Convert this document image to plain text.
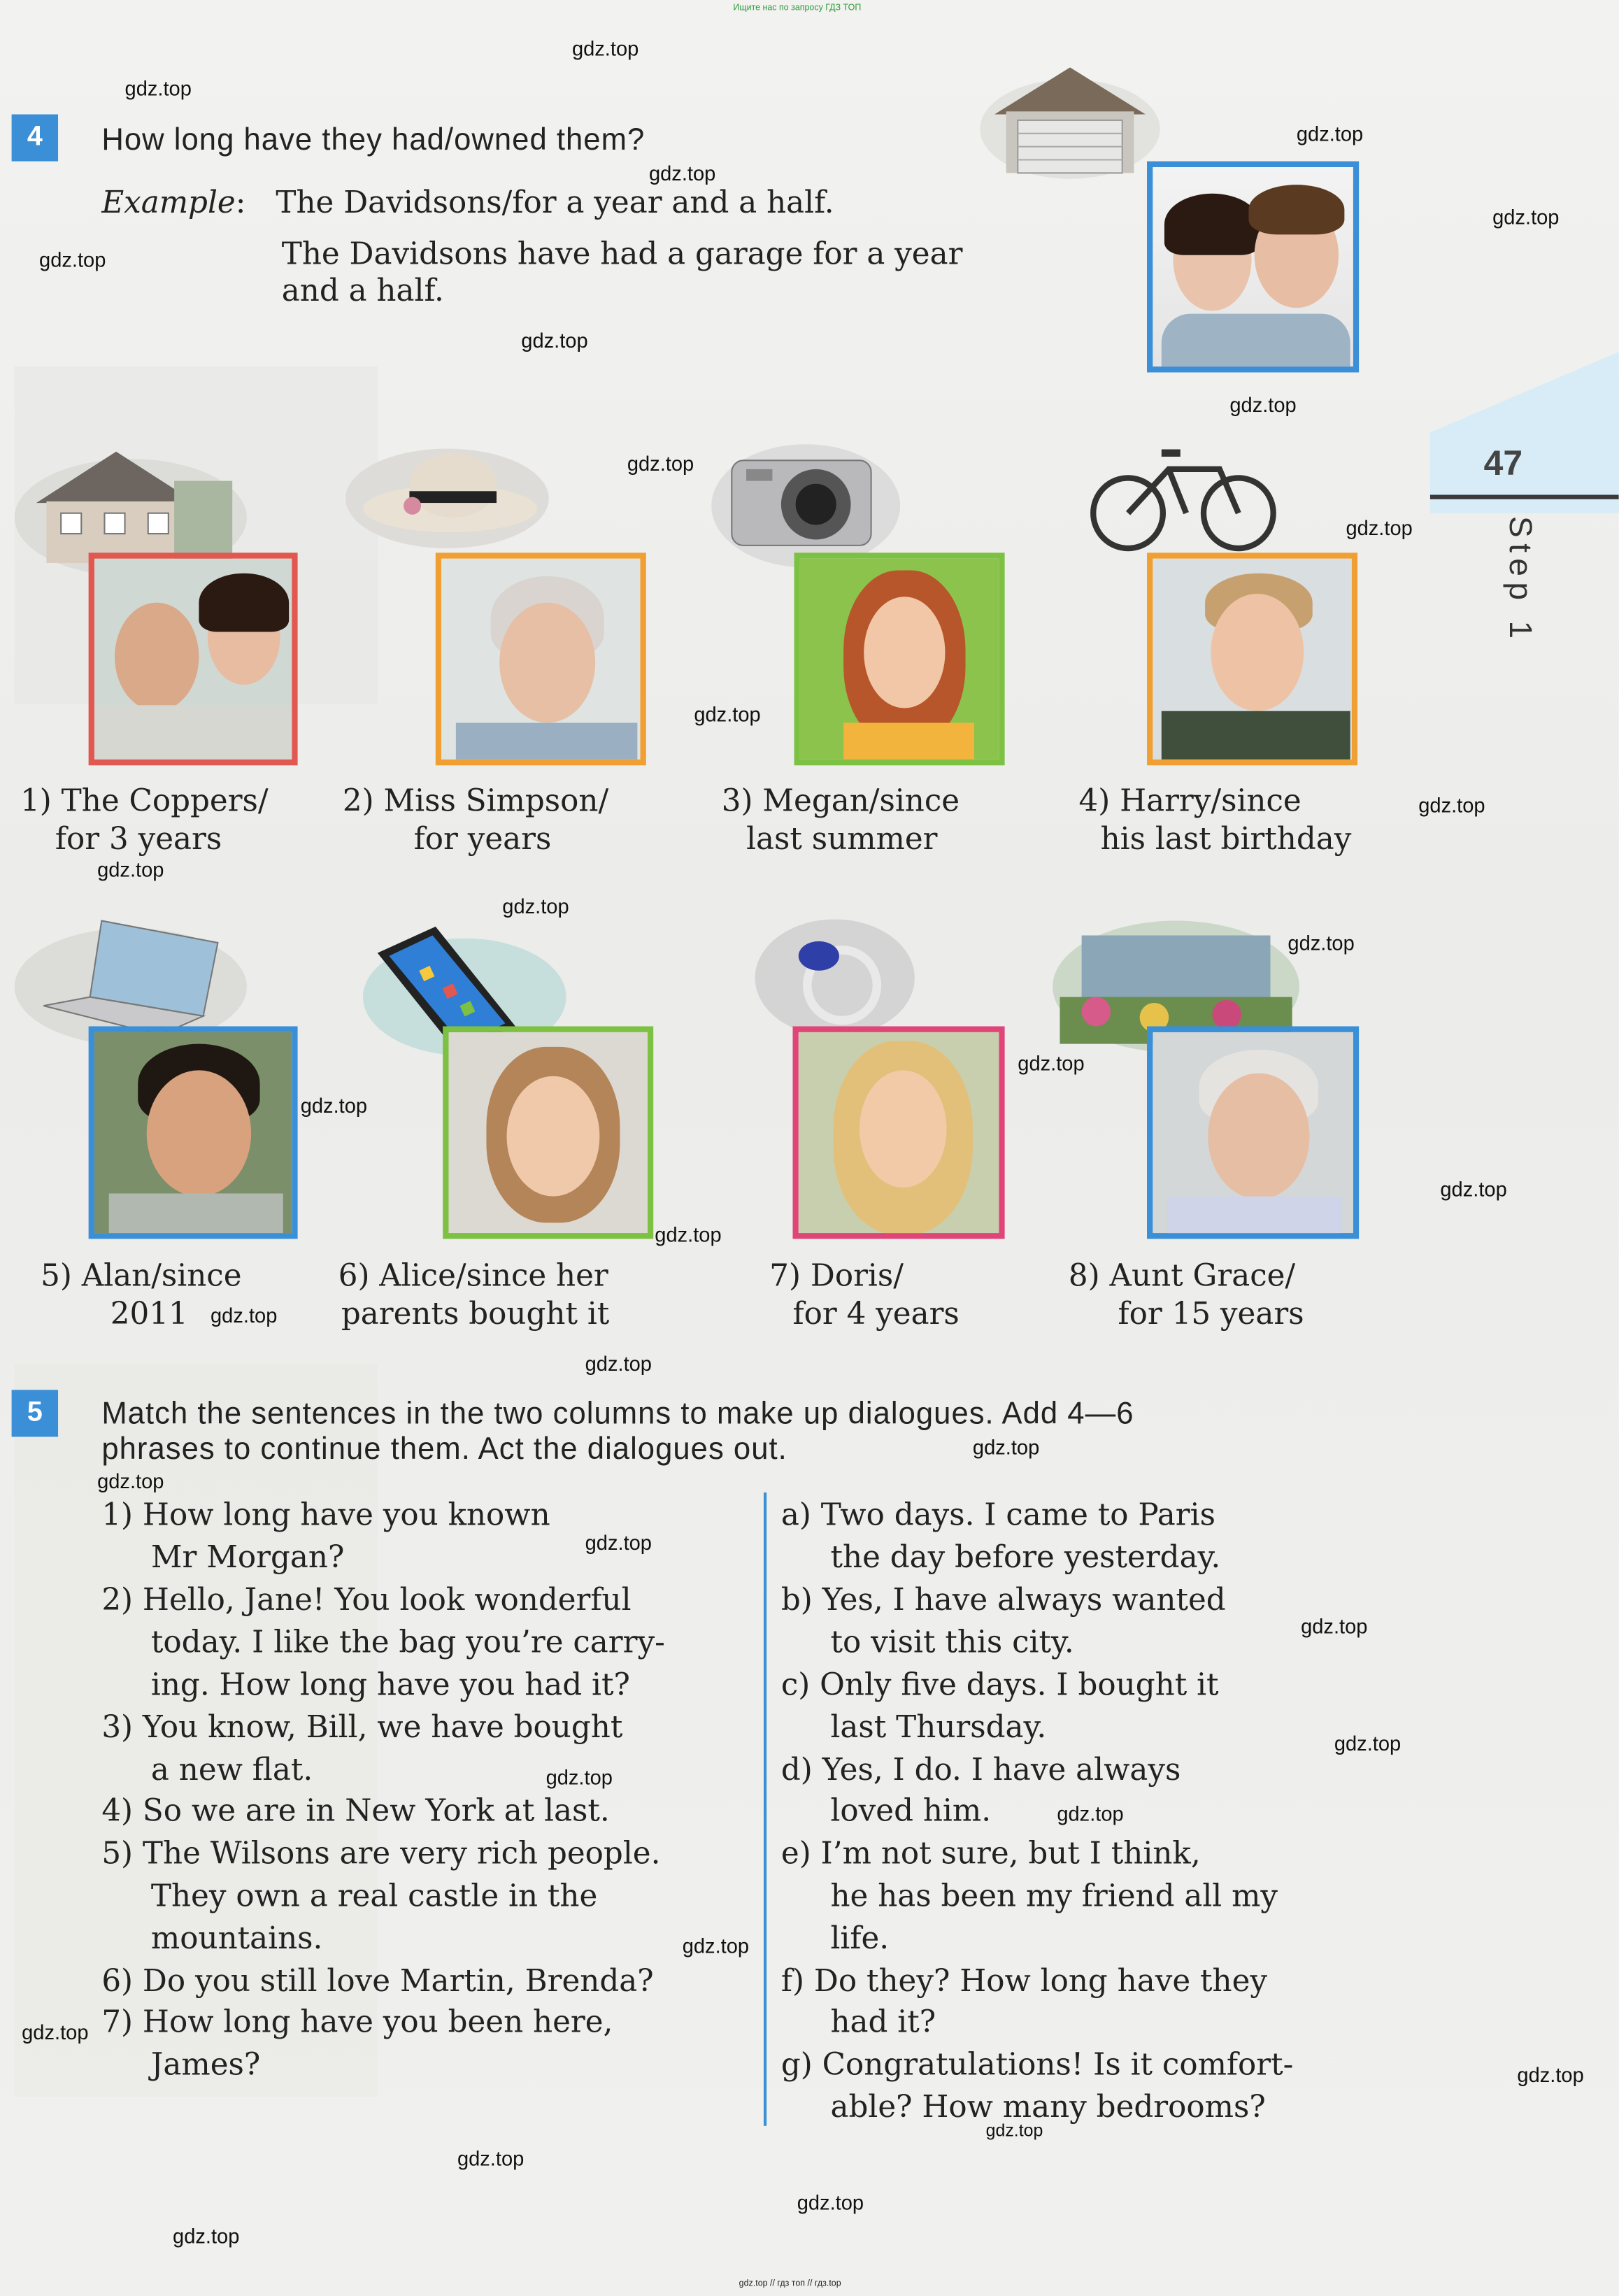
Ищите нас по запросу ГДЗ ТОП
4	How long have they had/owned them?
Example: The Davidsons/for a year and a half.
The Davidsons have had a garage for a year
and a half.
47
Step 1
1) The Coppers/
for 3 years
2) Miss Simpson/
for years
3) Megan/since
last summer
4) Harry/since
his last birthday
5) Alan/since
2011
6) Alice/since her
parents bought it
7) Doris/
for 4 years
8) Aunt Grace/
for 15 years
5	Match the sentences in the two columns to make up dialogues. Add 4—6
phrases to continue them. Act the dialogues out.
1) How long have you known
Mr Morgan?
2) Hello, Jane! You look wonderful
today. I like the bag you’re carry-
ing. How long have you had it?
3) You know, Bill, we have bought
a new flat.
4) So we are in New York at last.
5) The Wilsons are very rich people.
They own a real castle in the
mountains.
6) Do you still love Martin, Brenda?
7) How long have you been here,
James?
a) Two days. I came to Paris
the day before yesterday.
b) Yes, I have always wanted
to visit this city.
c) Only five days. I bought it
last Thursday.
d) Yes, I do. I have always
loved him.
e) I’m not sure, but I think,
he has been my friend all my
life.
f) Do they? How long have they
had it?
g) Congratulations! Is it comfort-
able? How many bedrooms?
gdz.top
gdz.top
gdz.top
gdz.top
gdz.top
gdz.top
gdz.top
gdz.top
gdz.top
gdz.top
gdz.top
gdz.top
gdz.top
gdz.top
gdz.top
gdz.top
gdz.top
gdz.top
gdz.top
gdz.top
gdz.top
gdz.top
gdz.top
gdz.top
gdz.top
gdz.top
gdz.top
gdz.top
gdz.top
gdz.top
gdz.top
gdz.top
gdz.top
gdz.top
gdz.top
gdz.top // гдз топ // гдз.top
